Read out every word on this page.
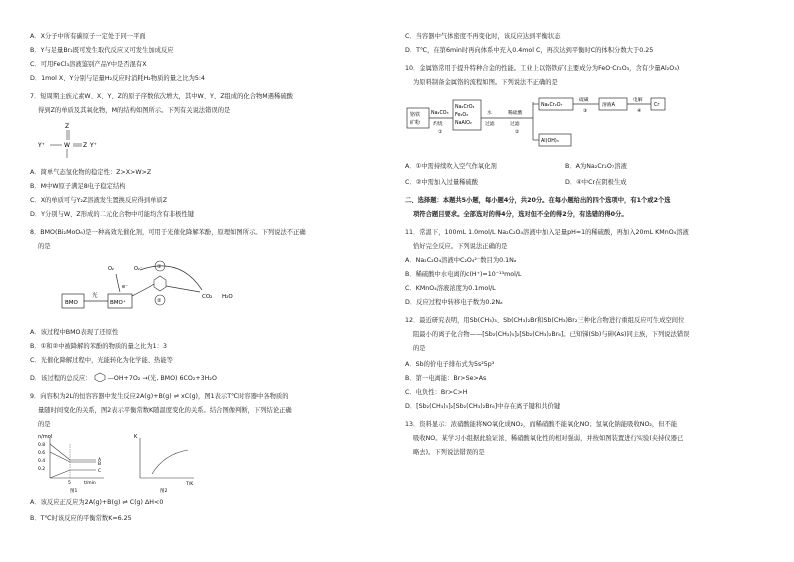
A．X分子中所有碳原子一定处于同一平面
B．Y与足量Br₂既可发生取代反应又可发生加成反应
C．可用FeCl₃溶液鉴别产品Y中是否混有X
D．1mol X、Y分别与足量H₂反应时消耗H₂物质的量之比为5:4
7．短周期主族元素W、X、Y、Z的原子序数依次增大，其中W、Y、Z组成的化合物M遇稀硫酸
得到Z的单质及其氧化物，M的结构如图所示。下列有关说法错误的是
Z
Y⁺	W Z Y⁺
A．简单气态氢化物的稳定性：Z>X>W>Z
B．M中W原子满足8电子稳定结构
C．X的单质可与Y₂Z溶液发生置换反应得到单质Z
D．Y分别与W、Z形成的二元化合物中可能均含有非极性键
8．BMO(Bi₂MoO₆)是一种高效光催化剂，可用于光催化降解苯酚，原理如图所示。下列说法不正确
的是
BMO
光
BMO⁺
O₂
e⁻
O₂⁻	①
②
CO₂ H₂O
A．该过程中BMO表现了还原性
B．①和②中被降解的苯酚的物质的量之比为1：3
C．光催化降解过程中，光能转化为化学能、热能等
D．该过程的总反应：	—OH+7O₂ →(光, BMO) 6CO₂+3H₂O
9．向容积为2L的恒容容器中发生反应2A(g)+B(g) ⇌ xC(g)，图1表示T℃时容器中各物质的
量随时间变化的关系，图2表示平衡常数K随温度变化的关系。结合图像判断，下列结论正确
的是
n/mol
0.8
0.6
0.4
0.2
A
B
C
5	t/min
图1
K
T/K
图2
A．该反应正反应为2A(g)+B(g) ⇌ C(g) ΔH<0
B．T℃时该反应的平衡常数K=6.25
C．当容器中气体密度不再变化时，该反应达到平衡状态
D．T℃，在第6min时再向体系中充入0.4mol C，再次达到平衡时C的体积分数大于0.25
10．金属铬常用于提升特种合金的性能。工业上以铬铁矿(主要成分为FeO·Cr₂O₃，含有少量Al₂O₃)
为原料制备金属铬的流程如图。下列说法不正确的是
铬铁
矿粉
Na₂CO₃
灼烧
①
Na₂CrO₄
Fe₂O₃
NaAlO₂
水
过滤
稀硫酸
过滤
②
Na₂Cr₂O₇
硫磺
③
溶液A
电解
④
Cr
Al(OH)₃
A．①中需持续吹入空气作氧化剂	B．A为Na₂Cr₂O₇溶液
C．②中需加入过量稀硫酸	D．④中Cr在阴极生成
二、选择题：本题共5小题，每小题4分，共20分。在每小题给出的四个选项中，有1个或2个选
项符合题目要求。全部选对的得4分，选对但不全的得2分，有选错的得0分。
11．常温下，100mL 1.0mol/L Na₂C₂O₄溶液中加入足量pH=1的稀硫酸，再加入20mL KMnO₄溶液
恰好完全反应。下列说法正确的是
A．Na₂C₂O₄溶液中C₂O₄²⁻数目为0.1Nₐ
B．稀硫酸中水电离的c(H⁺)=10⁻¹³mol/L
C．KMnO₄溶液浓度为0.1mol/L
D．反应过程中转移电子数为0.2Nₐ
12．最近研究表明，用Sb(CH₃)₃、Sb(CH₃)₂Br和Sb(CH₃)Br₂三种化合物进行重组反应可生成空间位
阻最小的离子化合物——[Sb₂(CH₃)₅]₂[Sb₂(CH₃)₂Br₆]。已知锑(Sb)与砷(As)同主族，下列说法错误
的是
A．Sb的价电子排布式为5s²5p³
B．第一电离能：Br>Se>As
C．电负性：Br>C>H
D．[Sb₂(CH₃)₅]₂[Sb₂(CH₃)₂Br₆]中存在离子键和共价键
13．资料显示：浓硝酸能将NO氧化成NO₂，而稀硝酸不能氧化NO；氢氧化钠能吸收NO₂，但不能
吸收NO。某学习小组据此验证浓、稀硝酸氧化性的相对强弱，并按如图装置进行实验(夹持仪器已
略去)。下列说法错误的是
